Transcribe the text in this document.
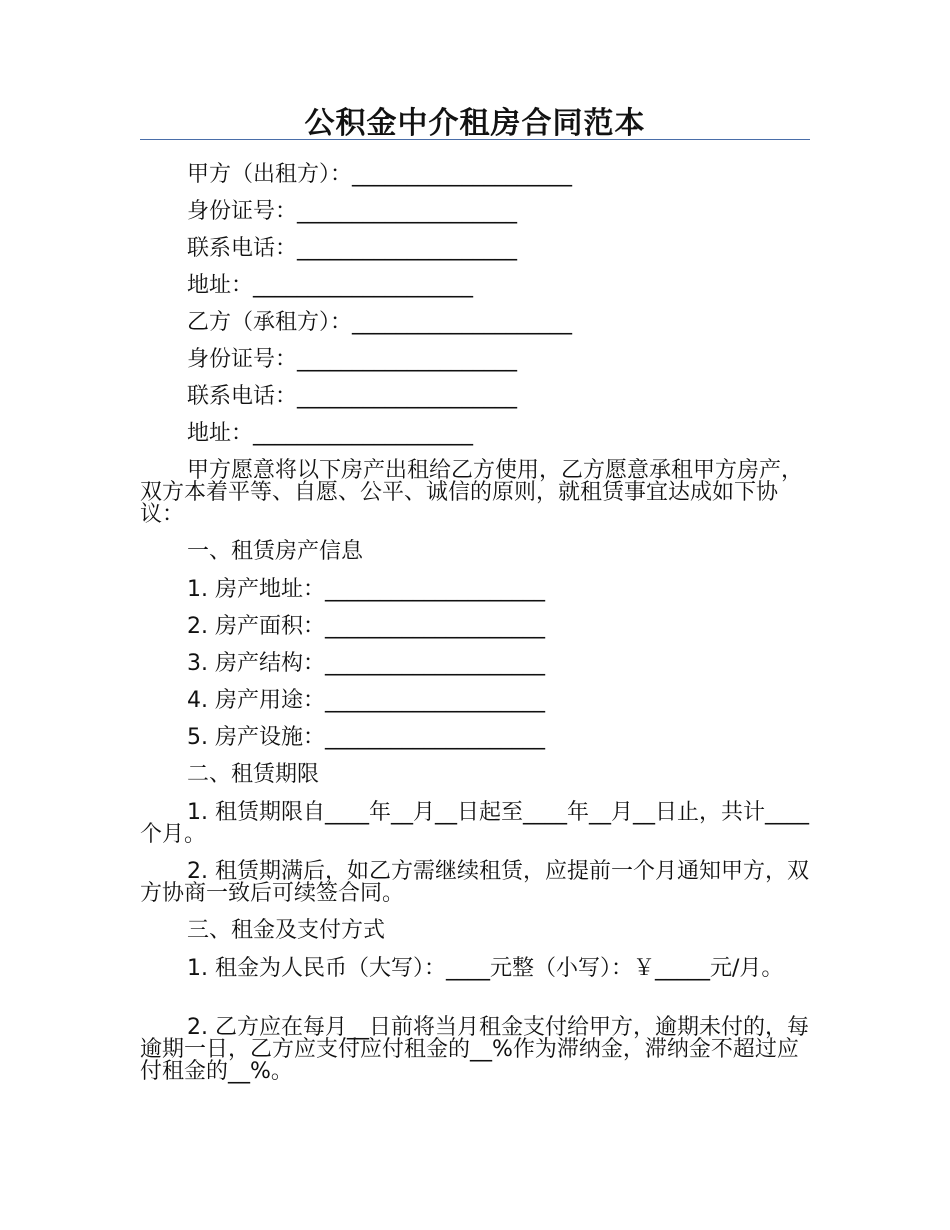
公积金中介租房合同范本
甲方（出租方）：____________________
身份证号：____________________
联系电话：____________________
地址：____________________
乙方（承租方）：____________________
身份证号：____________________
联系电话：____________________
地址：____________________

甲方愿意将以下房产出租给乙方使用，乙方愿意承租甲方房产，双方本着平等、自愿、公平、诚信的原则，就租赁事宜达成如下协议：

一、租赁房产信息
1. 房产地址：____________________
2. 房产面积：____________________
3. 房产结构：____________________
4. 房产用途：____________________
5. 房产设施：____________________
二、租赁期限

1. 租赁期限自____年__月__日起至____年__月__日止，共计____个月。

2. 租赁期满后，如乙方需继续租赁，应提前一个月通知甲方，双方协商一致后可续签合同。

三、租金及支付方式

1. 租金为人民币（大写）：____元整（小写）：￥_____元/月。

2. 乙方应在每月__日前将当月租金支付给甲方，逾期未付的，每逾期一日，乙方应支付应付租金的__%作为滞纳金，滞纳金不超过应付租金的__%。
